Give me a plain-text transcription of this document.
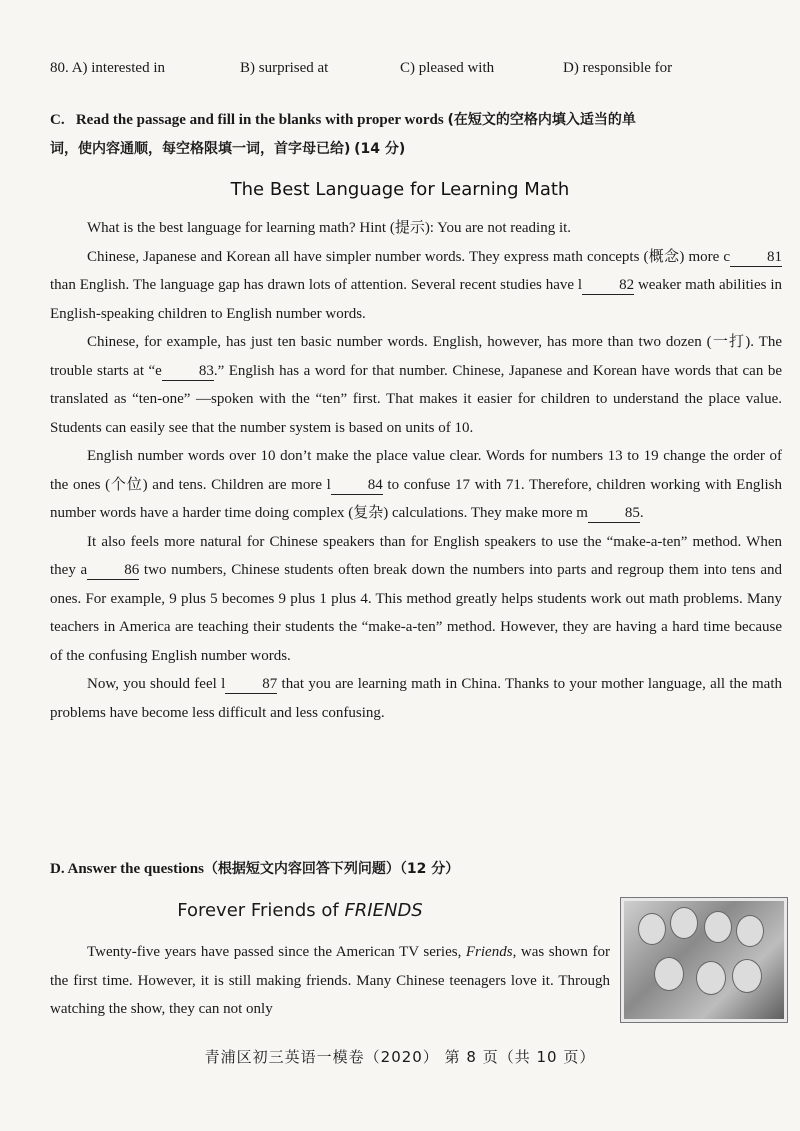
80. A) interested in	B) surprised at	C) pleased with	D) responsible for
C. Read the passage and fill in the blanks with proper words (在短文的空格内填入适当的单
词，使内容通顺，每空格限填一词，首字母已给) (14 分)
The Best Language for Learning Math

What is the best language for learning math? Hint (提示): You are not reading it.

Chinese, Japanese and Korean all have simpler number words. They express math concepts (概念) more c 81 than English. The language gap has drawn lots of attention. Several recent studies have l 82 weaker math abilities in English-speaking children to English number words.

Chinese, for example, has just ten basic number words. English, however, has more than two dozen (一打). The trouble starts at “e 83.” English has a word for that number. Chinese, Japanese and Korean have words that can be translated as “ten-one” —spoken with the “ten” first. That makes it easier for children to understand the place value. Students can easily see that the number system is based on units of 10.

English number words over 10 don’t make the place value clear. Words for numbers 13 to 19 change the order of the ones (个位) and tens. Children are more l 84 to confuse 17 with 71. Therefore, children working with English number words have a harder time doing complex (复杂) calculations. They make more m 85.

It also feels more natural for Chinese speakers than for English speakers to use the “make-a-ten” method. When they a 86 two numbers, Chinese students often break down the numbers into parts and regroup them into tens and ones. For example, 9 plus 5 becomes 9 plus 1 plus 4. This method greatly helps students work out math problems. Many teachers in America are teaching their students the “make-a-ten” method. However, they are having a hard time because of the confusing English number words.

Now, you should feel l 87 that you are learning math in China. Thanks to your mother language, all the math problems have become less difficult and less confusing.

D. Answer the questions（根据短文内容回答下列问题）（12 分）
Forever Friends of FRIENDS

Twenty-five years have passed since the American TV series, Friends, was shown for the first time. However, it is still making friends. Many Chinese teenagers love it. Through watching the show, they can not only

青浦区初三英语一模卷（2020） 第 8 页（共 10 页）
